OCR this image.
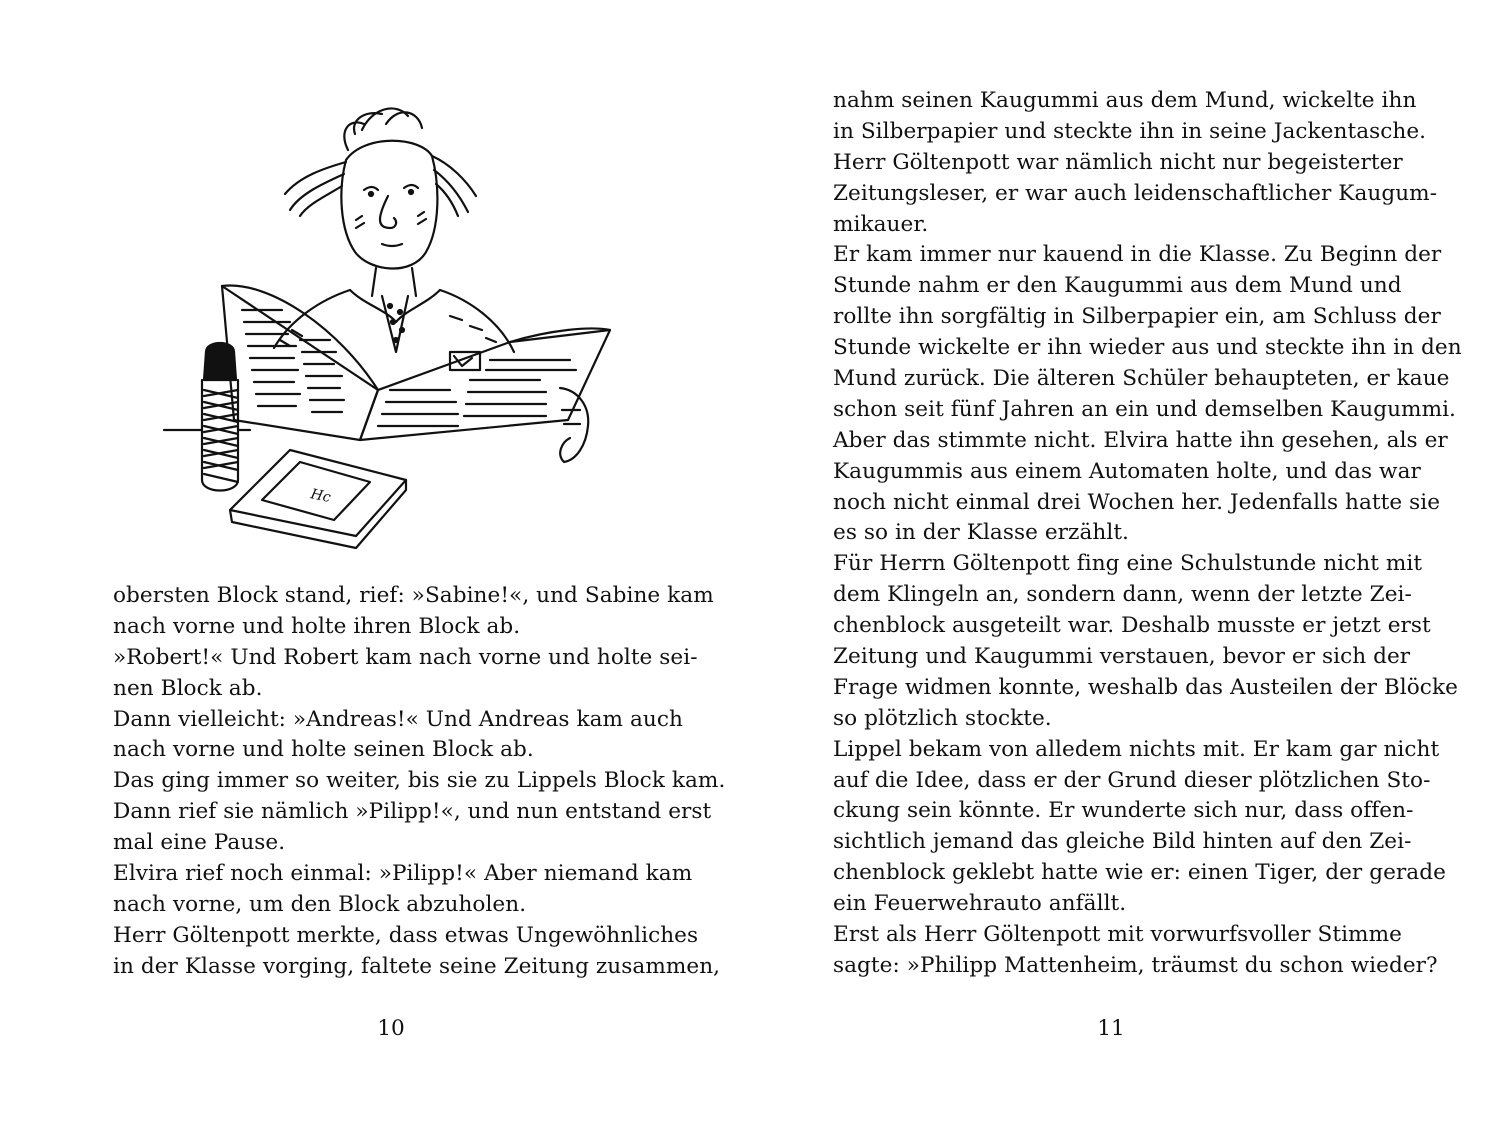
Hc
obersten Block stand, rief: »Sabine!«, und Sabine kam
nach vorne und holte ihren Block ab.
»Robert!« Und Robert kam nach vorne und holte sei-
nen Block ab.
Dann vielleicht: »Andreas!« Und Andreas kam auch
nach vorne und holte seinen Block ab.
Das ging immer so weiter, bis sie zu Lippels Block kam.
Dann rief sie nämlich »Pilipp!«, und nun entstand erst
mal eine Pause.
Elvira rief noch einmal: »Pilipp!« Aber niemand kam
nach vorne, um den Block abzuholen.
Herr Göltenpott merkte, dass etwas Ungewöhnliches
in der Klasse vorging, faltete seine Zeitung zusammen,
10
nahm seinen Kaugummi aus dem Mund, wickelte ihn
in Silberpapier und steckte ihn in seine Jackentasche.
Herr Göltenpott war nämlich nicht nur begeisterter
Zeitungsleser, er war auch leidenschaftlicher Kaugum-
mikauer.
Er kam immer nur kauend in die Klasse. Zu Beginn der
Stunde nahm er den Kaugummi aus dem Mund und
rollte ihn sorgfältig in Silberpapier ein, am Schluss der
Stunde wickelte er ihn wieder aus und steckte ihn in den
Mund zurück. Die älteren Schüler behaupteten, er kaue
schon seit fünf Jahren an ein und demselben Kaugummi.
Aber das stimmte nicht. Elvira hatte ihn gesehen, als er
Kaugummis aus einem Automaten holte, und das war
noch nicht einmal drei Wochen her. Jedenfalls hatte sie
es so in der Klasse erzählt.
Für Herrn Göltenpott fing eine Schulstunde nicht mit
dem Klingeln an, sondern dann, wenn der letzte Zei-
chenblock ausgeteilt war. Deshalb musste er jetzt erst
Zeitung und Kaugummi verstauen, bevor er sich der
Frage widmen konnte, weshalb das Austeilen der Blöcke
so plötzlich stockte.
Lippel bekam von alledem nichts mit. Er kam gar nicht
auf die Idee, dass er der Grund dieser plötzlichen Sto-
ckung sein könnte. Er wunderte sich nur, dass offen-
sichtlich jemand das gleiche Bild hinten auf den Zei-
chenblock geklebt hatte wie er: einen Tiger, der gerade
ein Feuerwehrauto anfällt.
Erst als Herr Göltenpott mit vorwurfsvoller Stimme
sagte: »Philipp Mattenheim, träumst du schon wieder?
11
